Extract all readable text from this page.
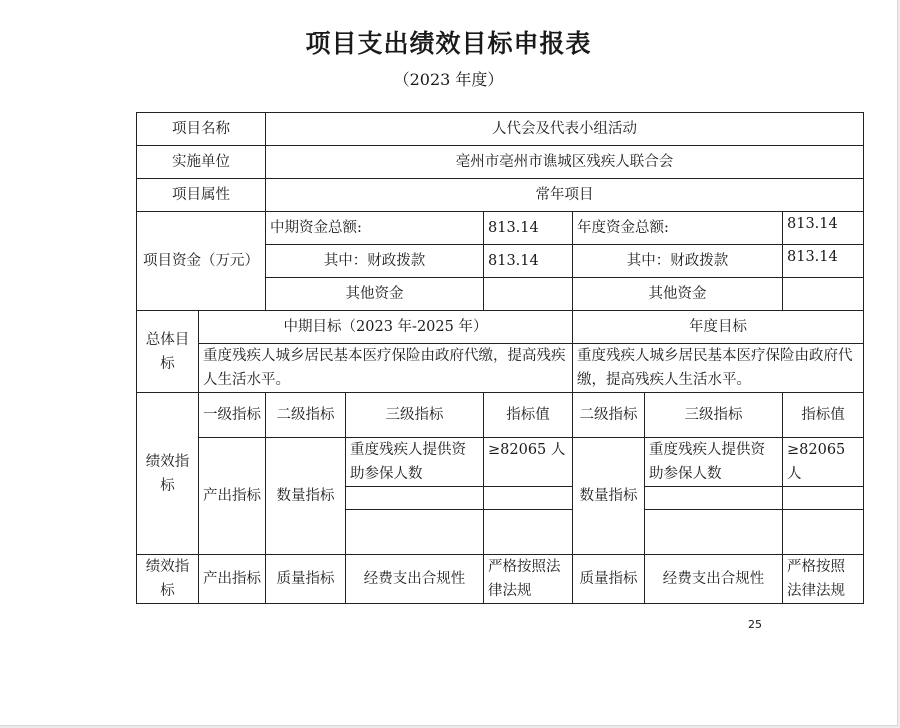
项目支出绩效目标申报表
（2023 年度）
项目名称		人代会及代表小组活动					
实施单位		亳州市亳州市谯城区残疾人联合会					
项目属性		常年项目					
项目资金（万元）		中期资金总额:		813.14	年度资金总额:		813.14
		其中：财政拨款		813.14	其中：财政拨款		813.14
		其他资金			其他资金		
总体目标	中期目标（2023 年-2025 年）				年度目标		
	重度残疾人城乡居民基本医疗保险由政府代缴，提高残疾人生活水平。				重度残疾人城乡居民基本医疗保险由政府代缴，提高残疾人生活水平。		
绩效指标	一级指标	二级指标	三级指标	指标值	二级指标	三级指标	指标值
	产出指标	数量指标	重度残疾人提供资助参保人数	≥82065 人	数量指标	重度残疾人提供资助参保人数	≥82065 人

绩效指标	产出指标	质量指标	经费支出合规性	严格按照法律法规	质量指标	经费支出合规性	严格按照法律法规
25
